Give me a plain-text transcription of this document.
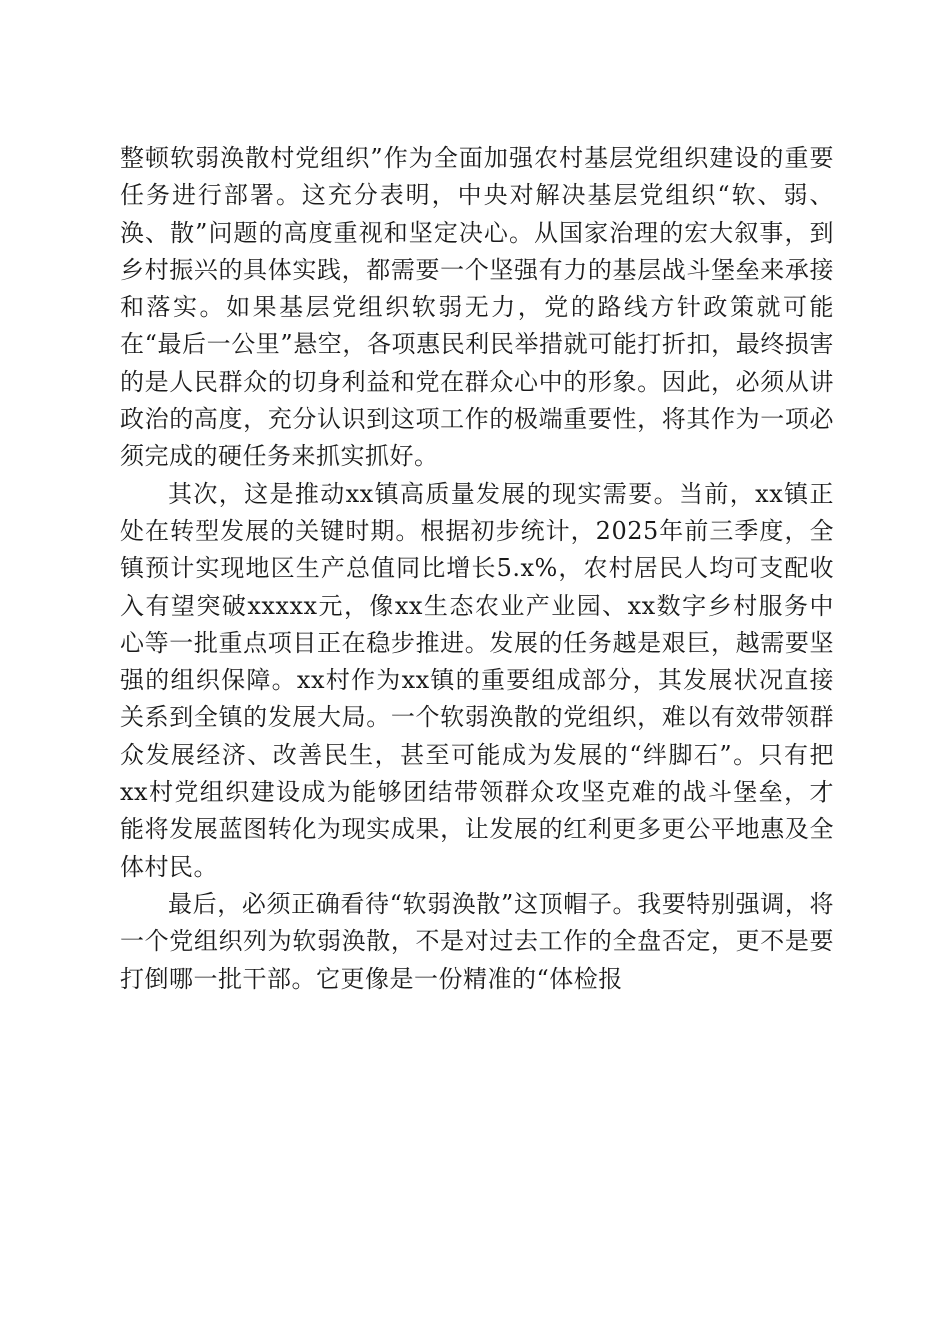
整顿软弱涣散村党组织”作为全面加强农村基层党组织建设的重要任务进行部署。这充分表明，中央对解决基层党组织“软、弱、涣、散”问题的高度重视和坚定决心。从国家治理的宏大叙事，到乡村振兴的具体实践，都需要一个坚强有力的基层战斗堡垒来承接和落实。如果基层党组织软弱无力，党的路线方针政策就可能在“最后一公里”悬空，各项惠民利民举措就可能打折扣，最终损害的是人民群众的切身利益和党在群众心中的形象。因此，必须从讲政治的高度，充分认识到这项工作的极端重要性，将其作为一项必须完成的硬任务来抓实抓好。

其次，这是推动xx镇高质量发展的现实需要。当前，xx镇正处在转型发展的关键时期。根据初步统计，2025年前三季度，全镇预计实现地区生产总值同比增长5.x%，农村居民人均可支配收入有望突破xxxxx元，像xx生态农业产业园、xx数字乡村服务中心等一批重点项目正在稳步推进。发展的任务越是艰巨，越需要坚强的组织保障。xx村作为xx镇的重要组成部分，其发展状况直接关系到全镇的发展大局。一个软弱涣散的党组织，难以有效带领群众发展经济、改善民生，甚至可能成为发展的“绊脚石”。只有把xx村党组织建设成为能够团结带领群众攻坚克难的战斗堡垒，才能将发展蓝图转化为现实成果，让发展的红利更多更公平地惠及全体村民。

最后，必须正确看待“软弱涣散”这顶帽子。我要特别强调，将一个党组织列为软弱涣散，不是对过去工作的全盘否定，更不是要打倒哪一批干部。它更像是一份精准的“体检报
